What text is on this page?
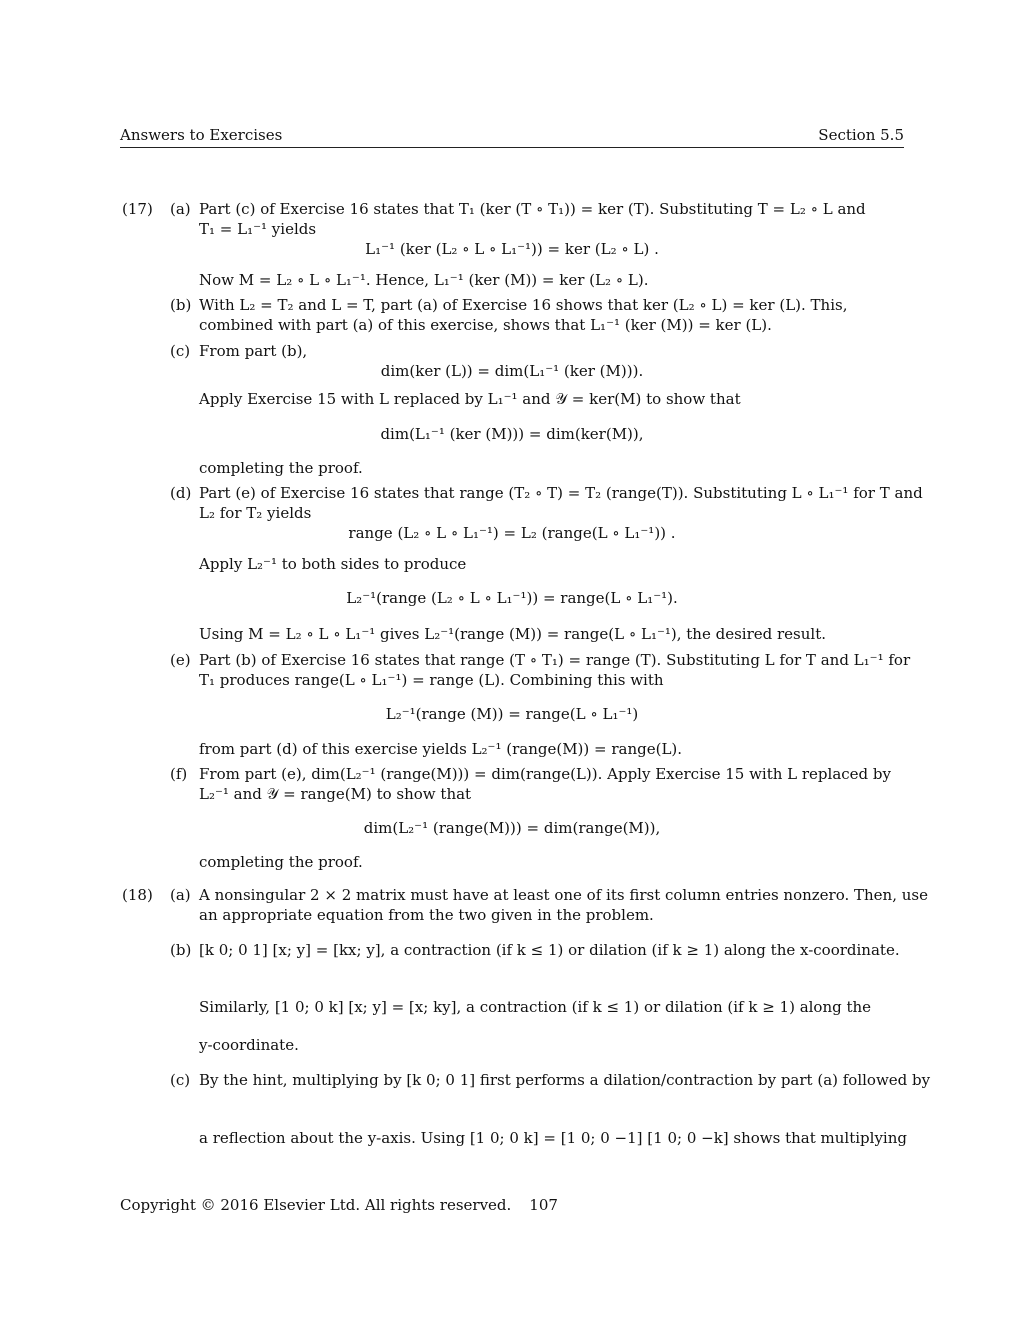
Answers to Exercises	Section 5.5
(17) (a) Part (c) of Exercise 16 states that T₁ (ker (T ∘ T₁)) = ker (T). Substituting T = L₂ ∘ L and
T₁ = L₁⁻¹ yields
L₁⁻¹ (ker (L₂ ∘ L ∘ L₁⁻¹)) = ker (L₂ ∘ L) .
Now M = L₂ ∘ L ∘ L₁⁻¹. Hence, L₁⁻¹ (ker (M)) = ker (L₂ ∘ L).
(b) With L₂ = T₂ and L = T, part (a) of Exercise 16 shows that ker (L₂ ∘ L) = ker (L). This,
combined with part (a) of this exercise, shows that L₁⁻¹ (ker (M)) = ker (L).
(c) From part (b),
dim(ker (L)) = dim(L₁⁻¹ (ker (M))).
Apply Exercise 15 with L replaced by L₁⁻¹ and 𝒴 = ker(M) to show that
dim(L₁⁻¹ (ker (M))) = dim(ker(M)),
completing the proof.
(d) Part (e) of Exercise 16 states that range (T₂ ∘ T) = T₂ (range(T)). Substituting L ∘ L₁⁻¹ for T and
L₂ for T₂ yields
range (L₂ ∘ L ∘ L₁⁻¹) = L₂ (range(L ∘ L₁⁻¹)) .
Apply L₂⁻¹ to both sides to produce
L₂⁻¹(range (L₂ ∘ L ∘ L₁⁻¹)) = range(L ∘ L₁⁻¹).
Using M = L₂ ∘ L ∘ L₁⁻¹ gives L₂⁻¹(range (M)) = range(L ∘ L₁⁻¹), the desired result.
(e) Part (b) of Exercise 16 states that range (T ∘ T₁) = range (T). Substituting L for T and L₁⁻¹ for
T₁ produces range(L ∘ L₁⁻¹) = range (L). Combining this with
L₂⁻¹(range (M)) = range(L ∘ L₁⁻¹)
from part (d) of this exercise yields L₂⁻¹ (range(M)) = range(L).
(f) From part (e), dim(L₂⁻¹ (range(M))) = dim(range(L)). Apply Exercise 15 with L replaced by
L₂⁻¹ and 𝒴 = range(M) to show that
dim(L₂⁻¹ (range(M))) = dim(range(M)),
completing the proof.
(18) (a) A nonsingular 2 × 2 matrix must have at least one of its first column entries nonzero. Then, use
an appropriate equation from the two given in the problem.
(b) [k 0; 0 1] [x; y] = [kx; y], a contraction (if k ≤ 1) or dilation (if k ≥ 1) along the x-coordinate.
Similarly, [1 0; 0 k] [x; y] = [x; ky], a contraction (if k ≤ 1) or dilation (if k ≥ 1) along the
y-coordinate.
(c) By the hint, multiplying by [k 0; 0 1] first performs a dilation/contraction by part (a) followed by
a reflection about the y-axis. Using [1 0; 0 k] = [1 0; 0 −1] [1 0; 0 −k] shows that multiplying
Copyright © 2016 Elsevier Ltd. All rights reserved. 107
